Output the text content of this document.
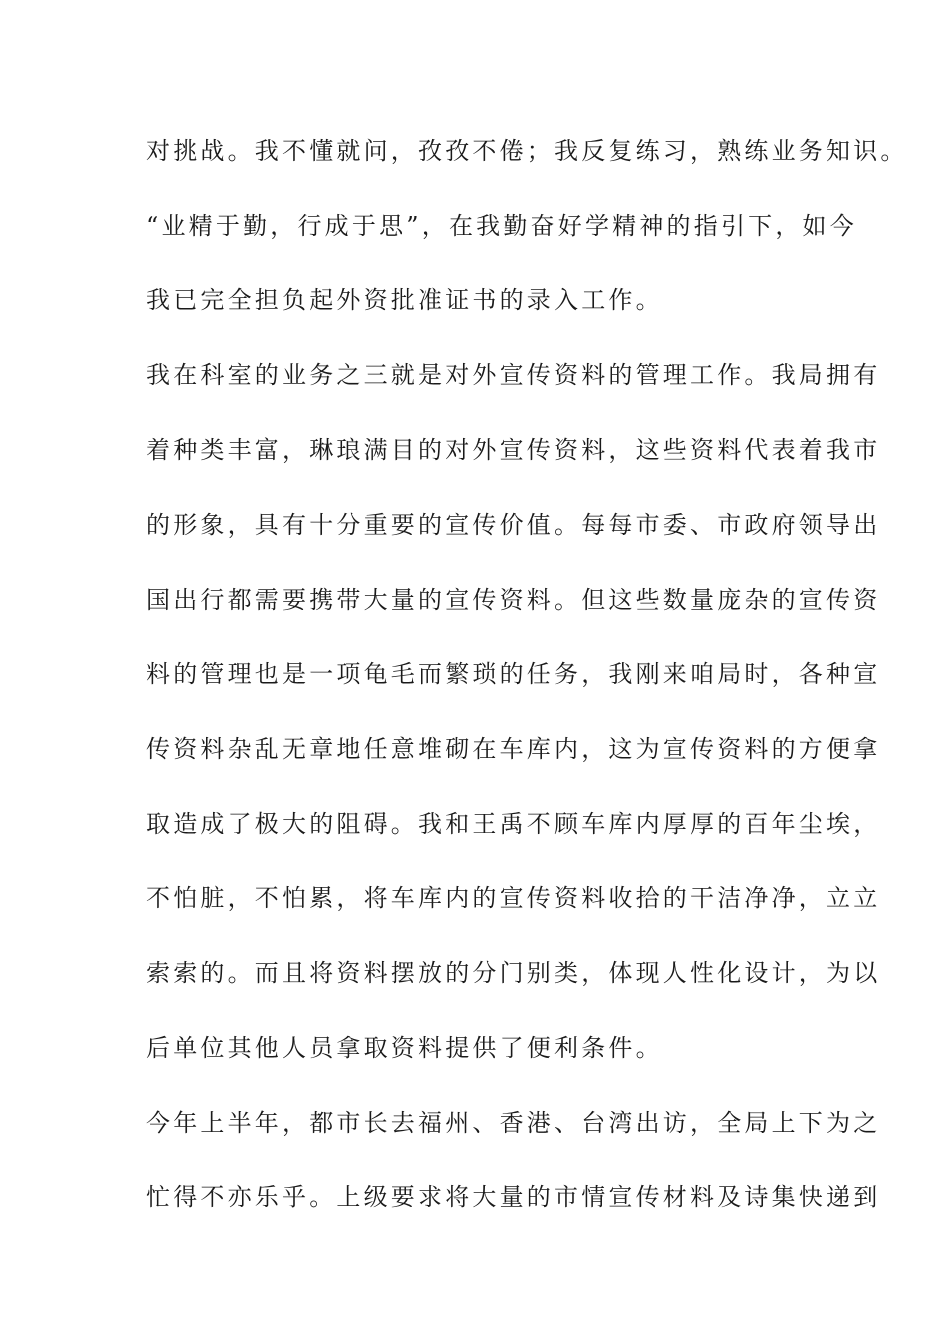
对挑战。我不懂就问，孜孜不倦；我反复练习，熟练业务知识。

“业精于勤，行成于思”，在我勤奋好学精神的指引下，如今

我已完全担负起外资批准证书的录入工作。

我在科室的业务之三就是对外宣传资料的管理工作。我局拥有

着种类丰富，琳琅满目的对外宣传资料，这些资料代表着我市

的形象，具有十分重要的宣传价值。每每市委、市政府领导出

国出行都需要携带大量的宣传资料。但这些数量庞杂的宣传资

料的管理也是一项龟毛而繁琐的任务，我刚来咱局时，各种宣

传资料杂乱无章地任意堆砌在车库内，这为宣传资料的方便拿

取造成了极大的阻碍。我和王禹不顾车库内厚厚的百年尘埃，

不怕脏，不怕累，将车库内的宣传资料收拾的干洁净净，立立

索索的。而且将资料摆放的分门别类，体现人性化设计，为以

后单位其他人员拿取资料提供了便利条件。

今年上半年，都市长去福州、香港、台湾出访，全局上下为之

忙得不亦乐乎。上级要求将大量的市情宣传材料及诗集快递到
